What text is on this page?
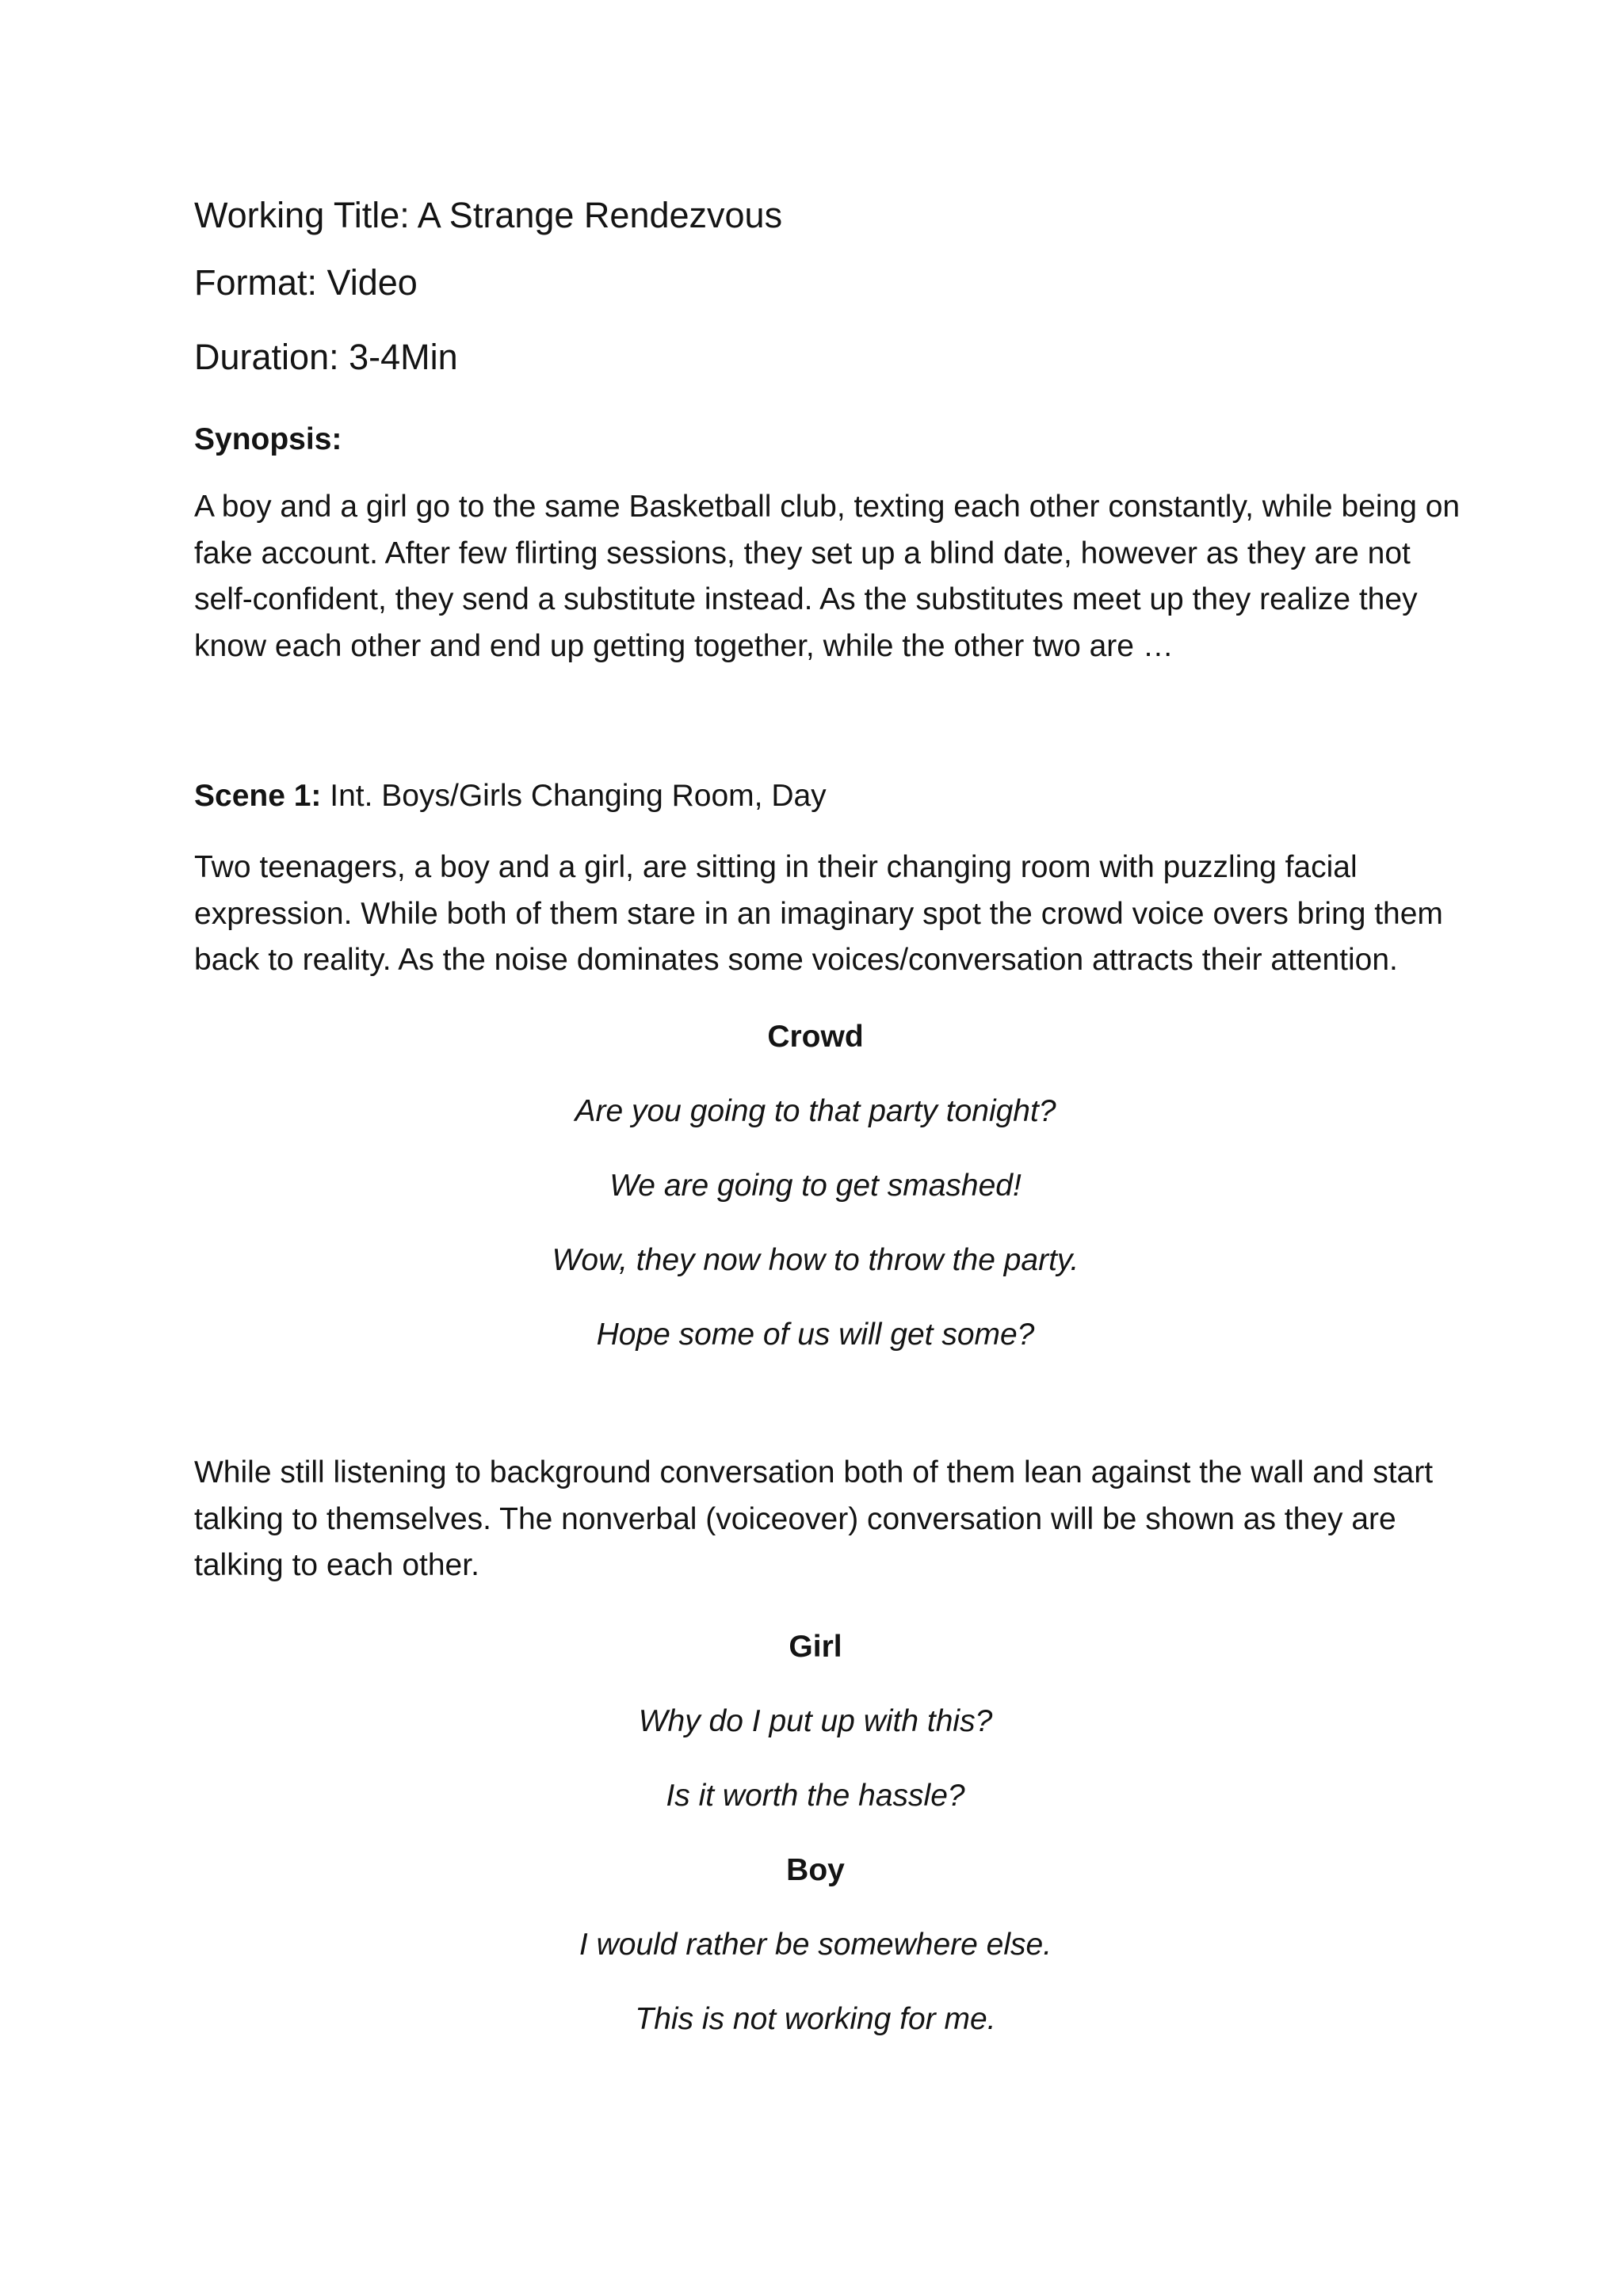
Working Title: A Strange Rendezvous
Format: Video
Duration: 3-4Min
Synopsis:
A boy and a girl go to the same Basketball club, texting each other constantly, while being on
fake account. After few flirting sessions, they set up a blind date, however as they are not
self-confident, they send a substitute instead. As the substitutes meet up they realize they
know each other and end up getting together, while the other two are …
Scene 1: Int. Boys/Girls Changing Room, Day
Two teenagers, a boy and a girl, are sitting in their changing room with puzzling facial
expression. While both of them stare in an imaginary spot the crowd voice overs bring them
back to reality. As the noise dominates some voices/conversation attracts their attention.
Crowd
Are you going to that party tonight?
We are going to get smashed!
Wow, they now how to throw the party.
Hope some of us will get some?
While still listening to background conversation both of them lean against the wall and start
talking to themselves. The nonverbal (voiceover) conversation will be shown as they are
talking to each other.
Girl
Why do I put up with this?
Is it worth the hassle?
Boy
I would rather be somewhere else.
This is not working for me.
